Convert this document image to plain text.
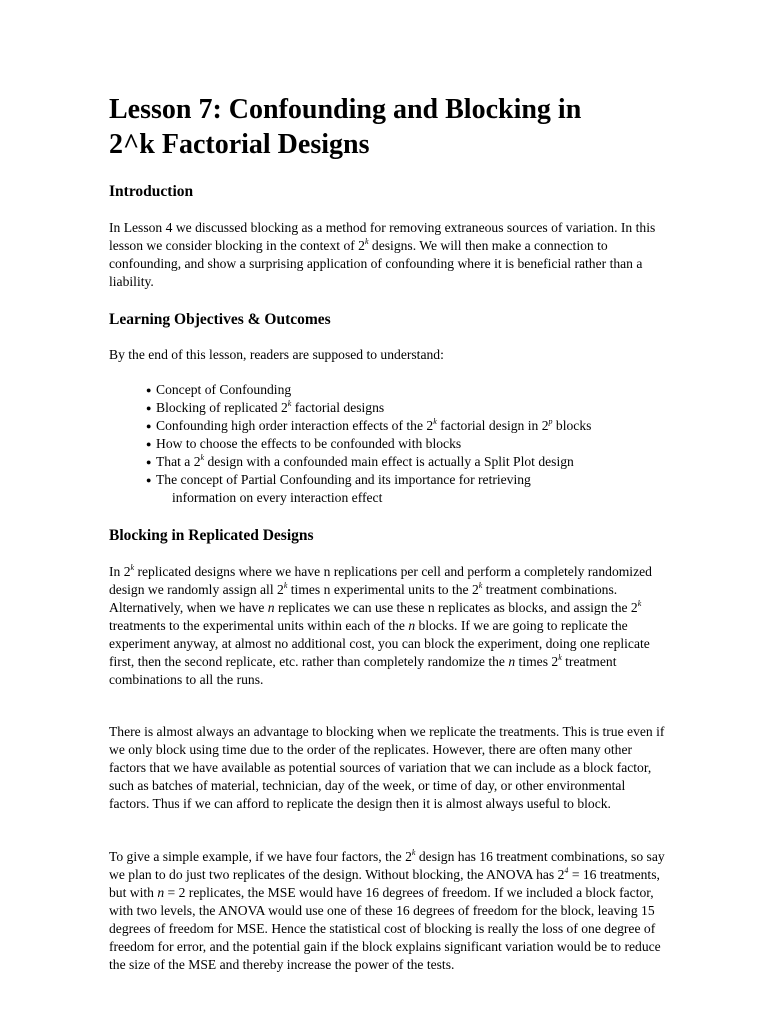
Lesson 7: Confounding and Blocking in
2^k Factorial Designs
Introduction

In Lesson 4 we discussed blocking as a method for removing extraneous sources of variation. In this lesson we consider blocking in the context of 2$^k$ designs. We will then make a connection to confounding, and show a surprising application of confounding where it is beneficial rather than a liability.

Learning Objectives & Outcomes

By the end of this lesson, readers are supposed to understand:

● Concept of Confounding
● Blocking of replicated 2$^k$ factorial designs
● Confounding high order interaction effects of the 2$^k$ factorial design in 2$^p$ blocks
● How to choose the effects to be confounded with blocks
● That a 2$^k$ design with a confounded main effect is actually a Split Plot design
● The concept of Partial Confounding and its importance for retrieving
information on every interaction effect
Blocking in Replicated Designs

In 2$^k$ replicated designs where we have n replications per cell and perform a completely randomized design we randomly assign all 2$^k$ times n experimental units to the 2$^k$ treatment combinations. Alternatively, when we have n replicates we can use these n replicates as blocks, and assign the 2$^k$ treatments to the experimental units within each of the n blocks. If we are going to replicate the experiment anyway, at almost no additional cost, you can block the experiment, doing one replicate first, then the second replicate, etc. rather than completely randomize the n times 2$^k$ treatment combinations to all the runs.

There is almost always an advantage to blocking when we replicate the treatments. This is true even if we only block using time due to the order of the replicates. However, there are often many other factors that we have available as potential sources of variation that we can include as a block factor, such as batches of material, technician, day of the week, or time of day, or other environmental factors. Thus if we can afford to replicate the design then it is almost always useful to block.

To give a simple example, if we have four factors, the 2$^k$ design has 16 treatment combinations, so say we plan to do just two replicates of the design. Without blocking, the ANOVA has $2^4 = 16$ treatments, but with n = 2 replicates, the MSE would have 16 degrees of freedom. If we included a block factor, with two levels, the ANOVA would use one of these 16 degrees of freedom for the block, leaving 15 degrees of freedom for MSE. Hence the statistical cost of blocking is really the loss of one degree of freedom for error, and the potential gain if the block explains significant variation would be to reduce the size of the MSE and thereby increase the power of the tests.
